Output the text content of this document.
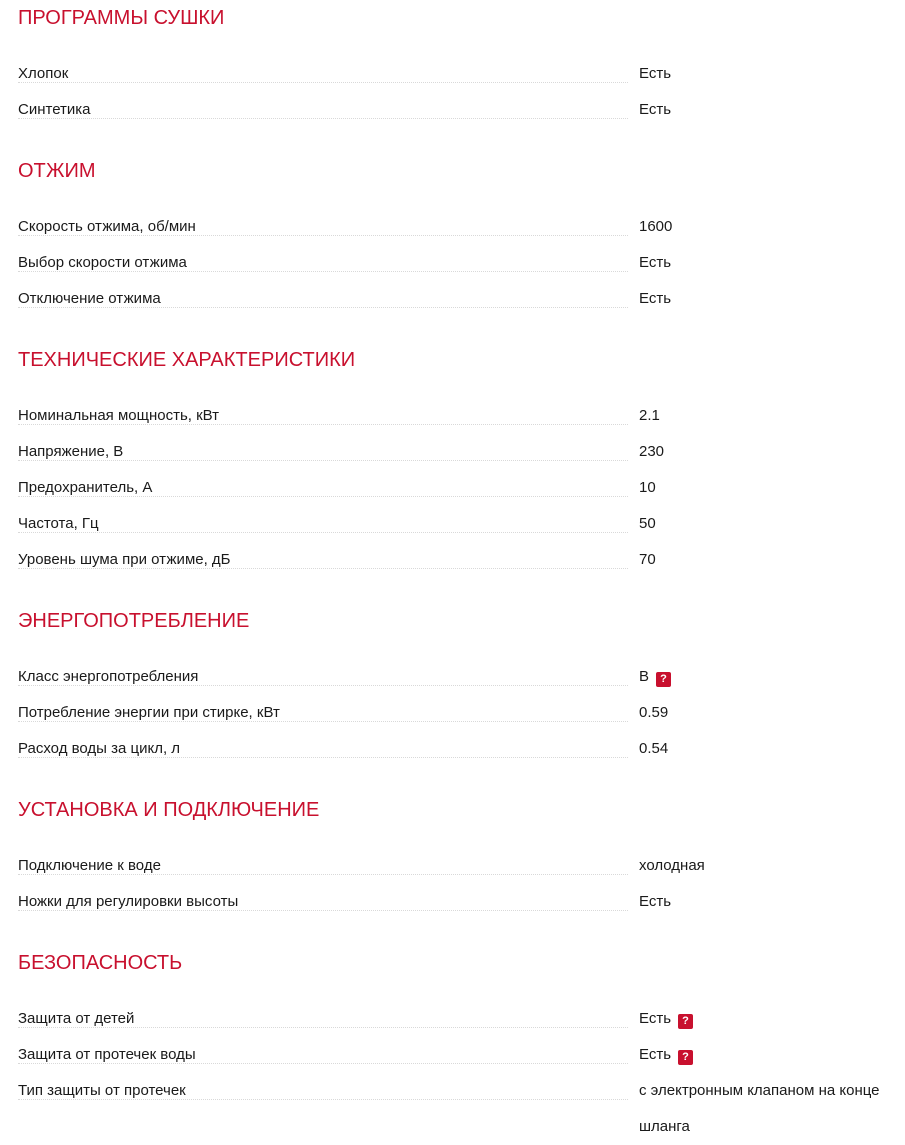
ПРОГРАММЫ СУШКИ
Хлопок	Есть
Синтетика	Есть
ОТЖИМ
Скорость отжима, об/мин	1600
Выбор скорости отжима	Есть
Отключение отжима	Есть
ТЕХНИЧЕСКИЕ ХАРАКТЕРИСТИКИ
Номинальная мощность, кВт	2.1
Напряжение, В	230
Предохранитель, А	10
Частота, Гц	50
Уровень шума при отжиме, дБ	70
ЭНЕРГОПОТРЕБЛЕНИЕ
Класс энергопотребления	B ?
Потребление энергии при стирке, кВт	0.59
Расход воды за цикл, л	0.54
УСТАНОВКА И ПОДКЛЮЧЕНИЕ
Подключение к воде	холодная
Ножки для регулировки высоты	Есть
БЕЗОПАСНОСТЬ
Защита от детей	Есть ?
Защита от протечек воды	Есть ?
Тип защиты от протечек	с электронным клапаном на конце шланга
